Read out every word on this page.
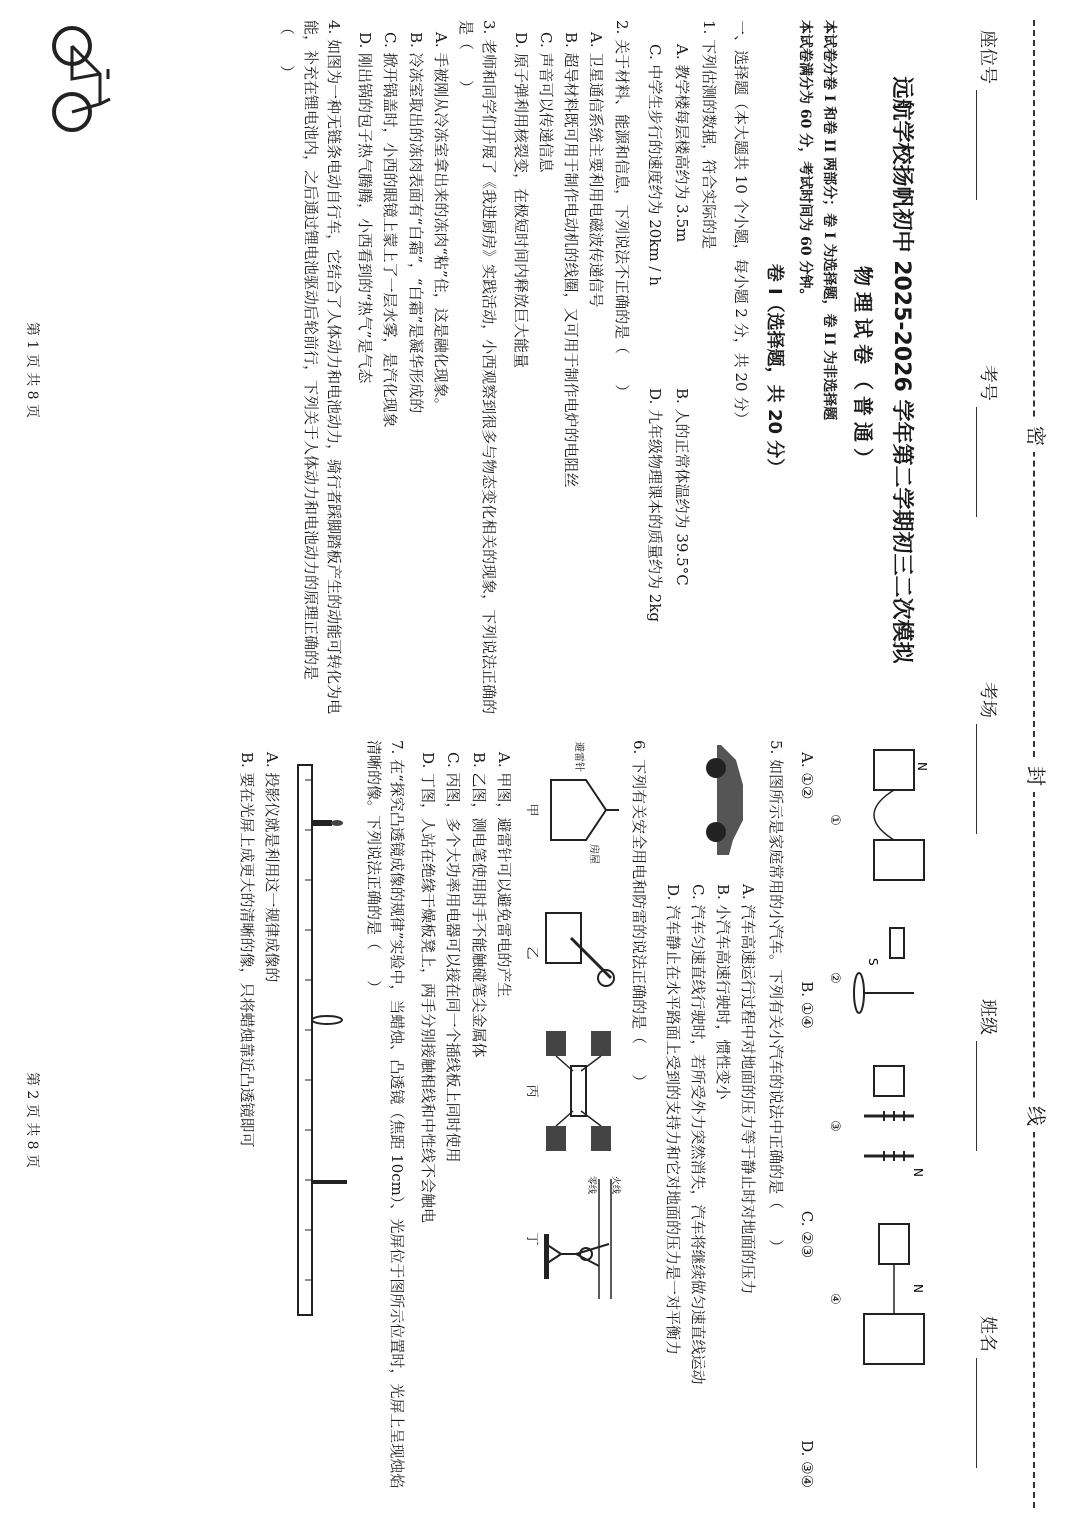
密
封
线
座位号
考号
考场
班级
姓名
远航学校扬帆初中 2025-2026 学年第二学期初三二次模拟
物理试卷（普通）

本试卷分卷 I 和卷 II 两部分；卷 I 为选择题，卷 II 为非选择题

本试卷满分为 60 分，考试时间为 60 分钟。

卷 I（选择题，共 20 分）
一、选择题（本大题共 10 个小题，每小题 2 分，共 20 分）
1. 下列估测的数据，符合实际的是
A. 教学楼每层楼高约为 3.5m
B. 人的正常体温约为 39.5°C
C. 中学生步行的速度约为 20km / h
D. 九年级物理课本的质量约为 2kg
2. 关于材料、能源和信息，下列说法不正确的是（　　）
A. 卫星通信系统主要利用电磁波传递信号
B. 超导材料既可用于制作电动机的线圈，又可用于制作电炉的电阻丝
C. 声音可以传递信息
D. 原子弹利用核裂变，在极短时间内释放巨大能量
3. 老师和同学们开展了《我进厨房》实践活动，小西观察到很多与物态变化相关的现象，下列说法正确的是（　　）
A. 手被刚从冷冻室拿出来的冻肉“粘”住，这是融化现象。
B. 冷冻室取出的冻肉表面有“白霜”，“白霜”是凝华形成的
C. 掀开锅盖时，小西的眼镜上蒙上了一层水雾，是汽化现象
D. 刚出锅的包子热气腾腾，小西看到的“热气”是气态
4. 如图为一种无链条电动自行车，它结合了人体动力和电池动力，骑行者踩脚踏板产生的动能可转化为电能，补充在锂电池内，之后通过锂电池驱动后轮前行，下列关于人体动力和电池动力的原理正确的是（　　）
第 1 页 共 8 页
N
①
S
②
N
③
N
④
A. ①②
B. ①④
C. ②③
D. ③④
5. 如图所示是家庭常用的小汽车。下列有关小汽车的说法中正确的是（　　）
A. 汽车高速运行过程中对地面的压力等于静止时对地面的压力
B. 小汽车高速行驶时，惯性变小
C. 汽车匀速直线行驶时，若所受外力突然消失，汽车将继续做匀速直线运动
D. 汽车静止在水平路面上受到的支持力和它对地面的压力是一对平衡力
6. 下列有关安全用电和防雷的说法正确的是（　　）
避雷针
房屋
甲
乙
丙
火线
零线
丁
A. 甲图，避雷针可以避免雷电的产生
B. 乙图，测电笔使用时手不能触碰笔尖金属体
C. 丙图，多个大功率用电器可以接在同一个插线板上同时使用
D. 丁图，人站在绝缘干燥板凳上，两手分别接触相线和中性线不会触电
7. 在“探究凸透镜成像的规律”实验中，当蜡烛、凸透镜（焦距 10cm）、光屏位于图所示位置时，光屏上呈现烛焰清晰的像。下列说法正确的是（　　）
A. 投影仪就是利用这一规律成像的
B. 要在光屏上成更大的清晰的像，只将蜡烛靠近凸透镜即可
第 2 页 共 8 页
